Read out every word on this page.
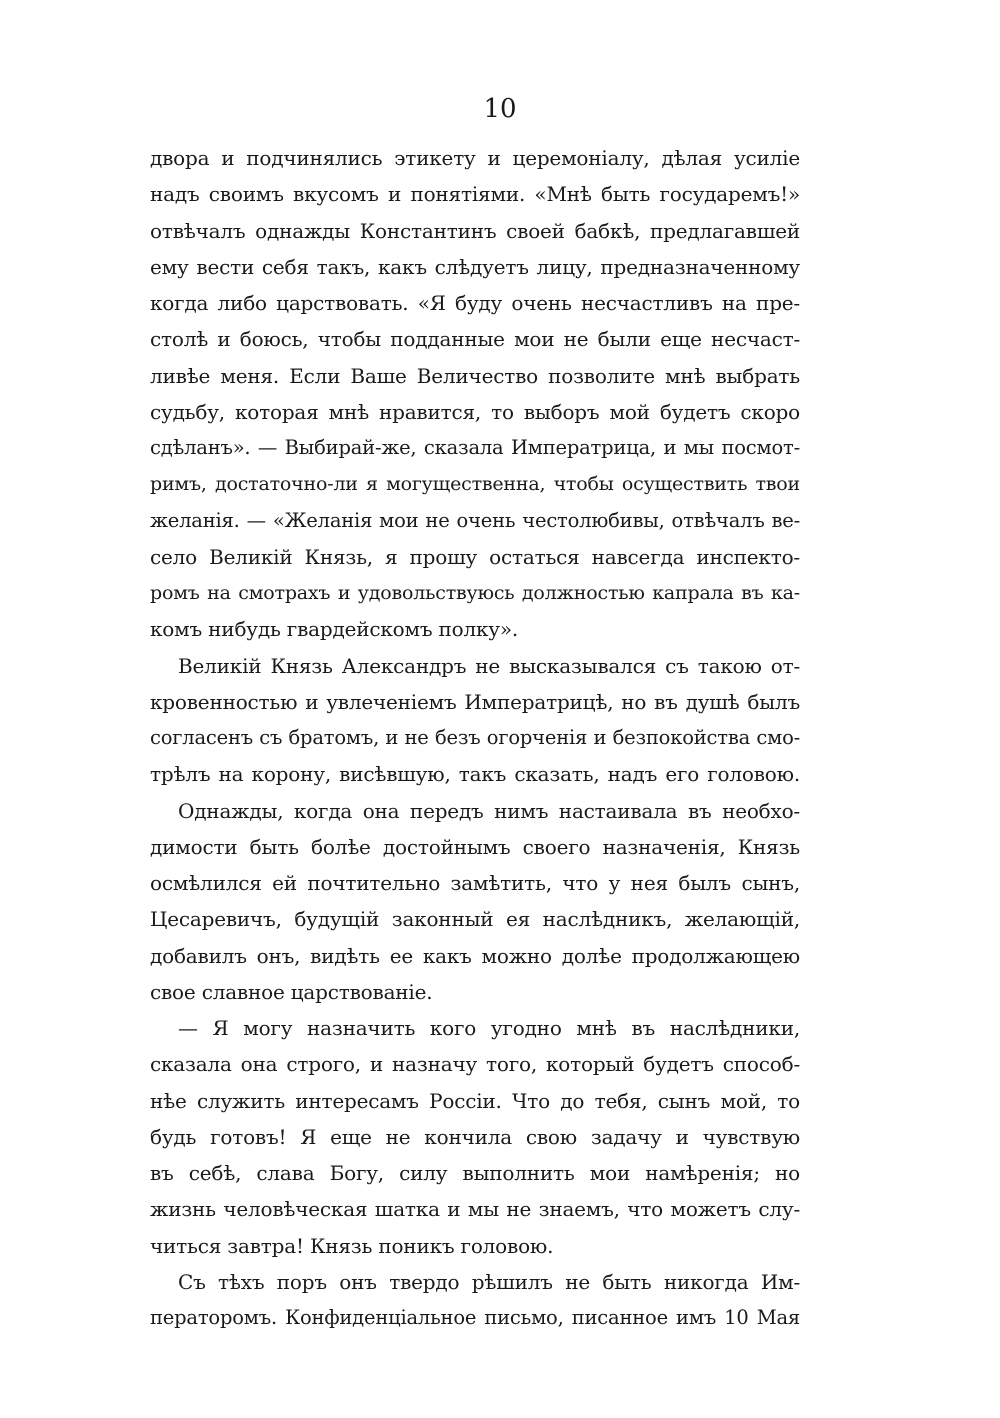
10
двора и подчинялись этикету и церемоніалу, дѣлая усиліе
надъ своимъ вкусомъ и понятіями. «Мнѣ быть государемъ!»
отвѣчалъ однажды Константинъ своей бабкѣ, предлагавшей
ему вести себя такъ, какъ слѣдуетъ лицу, предназначенному
когда либо царствовать. «Я буду очень несчастливъ на пре-
столѣ и боюсь, чтобы подданные мои не были еще несчаст-
ливѣе меня. Если Ваше Величество позволите мнѣ выбрать
судьбу, которая мнѣ нравится, то выборъ мой будетъ скоро
сдѣланъ». — Выбирай-же, сказала Императрица, и мы посмот-
римъ, достаточно-ли я могущественна, чтобы осуществить твои
желанія. — «Желанія мои не очень честолюбивы, отвѣчалъ ве-
село Великій Князь, я прошу остаться навсегда инспекто-
ромъ на смотрахъ и удовольствуюсь должностью капрала въ ка-
комъ нибудь гвардейскомъ полку».
Великій Князь Александръ не высказывался съ такою от-
кровенностью и увлеченіемъ Императрицѣ, но въ душѣ былъ
согласенъ съ братомъ, и не безъ огорченія и безпокойства смо-
трѣлъ на корону, висѣвшую, такъ сказать, надъ его головою.
Однажды, когда она передъ нимъ настаивала въ необхо-
димости быть болѣе достойнымъ своего назначенія, Князь
осмѣлился ей почтительно замѣтить, что у нея былъ сынъ,
Цесаревичъ, будущій законный ея наслѣдникъ, желающій,
добавилъ онъ, видѣть ее какъ можно долѣе продолжающею
свое славное царствованіе.
— Я могу назначить кого угодно мнѣ въ наслѣдники,
сказала она строго, и назначу того, который будетъ способ-
нѣе служить интересамъ Россіи. Что до тебя, сынъ мой, то
будь готовъ! Я еще не кончила свою задачу и чувствую
въ себѣ, слава Богу, силу выполнить мои намѣренія; но
жизнь человѣческая шатка и мы не знаемъ, что можетъ слу-
читься завтра! Князь поникъ головою.
Съ тѣхъ поръ онъ твердо рѣшилъ не быть никогда Им-
ператоромъ. Конфиденціальное письмо, писанное имъ 10 Мая
